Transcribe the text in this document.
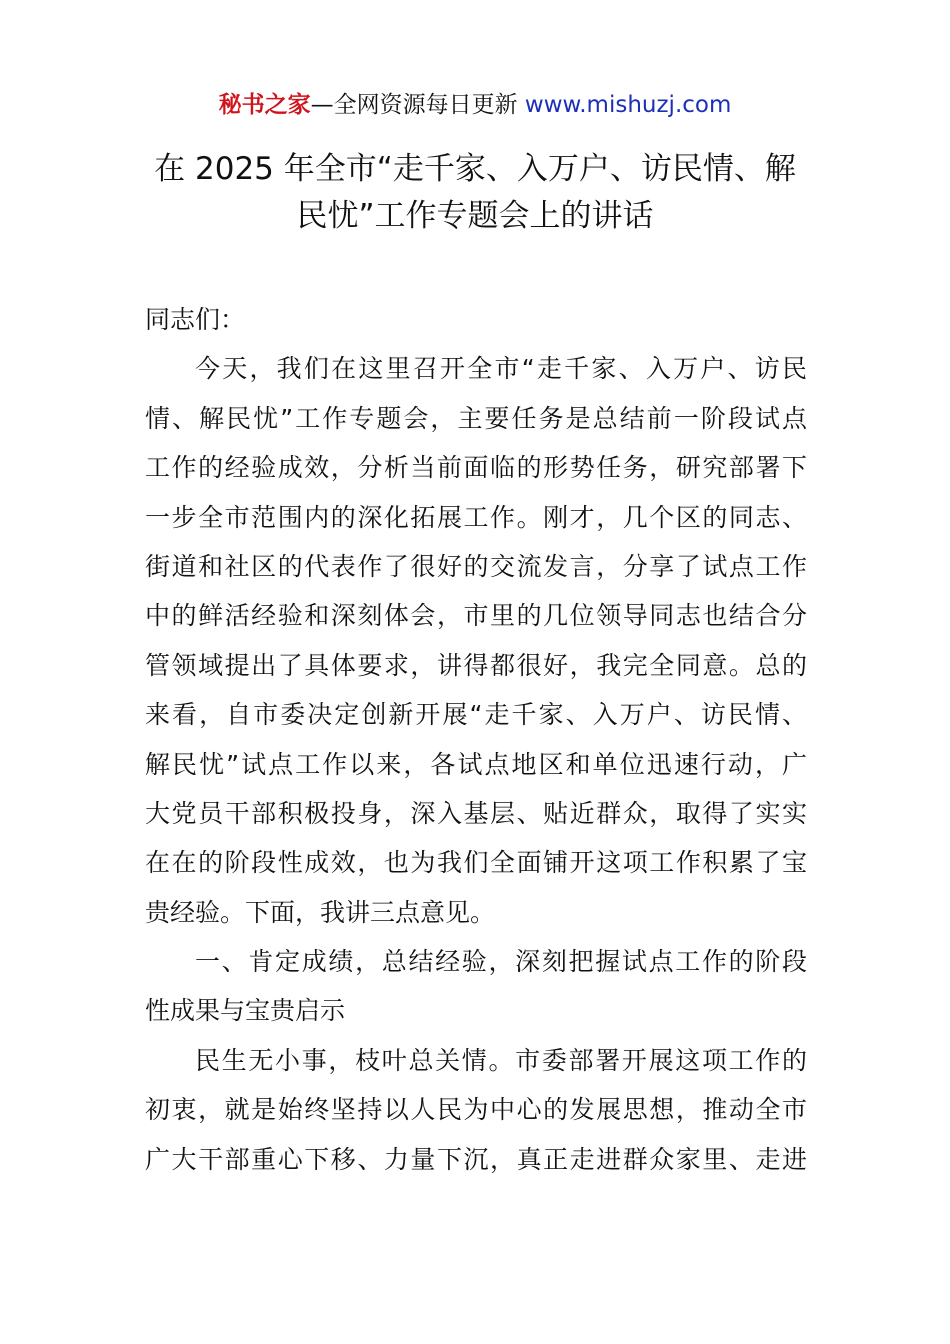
秘书之家—全网资源每日更新 www.mishuzj.com
在 2025 年全市“走千家、入万户、访民情、解
民忧”工作专题会上的讲话
同志们：
今天，我们在这里召开全市“走千家、入万户、访民
情、解民忧”工作专题会，主要任务是总结前一阶段试点
工作的经验成效，分析当前面临的形势任务，研究部署下
一步全市范围内的深化拓展工作。刚才，几个区的同志、
街道和社区的代表作了很好的交流发言，分享了试点工作
中的鲜活经验和深刻体会，市里的几位领导同志也结合分
管领域提出了具体要求，讲得都很好，我完全同意。总的
来看，自市委决定创新开展“走千家、入万户、访民情、
解民忧”试点工作以来，各试点地区和单位迅速行动，广
大党员干部积极投身，深入基层、贴近群众，取得了实实
在在的阶段性成效，也为我们全面铺开这项工作积累了宝
贵经验。下面，我讲三点意见。
一、肯定成绩，总结经验，深刻把握试点工作的阶段
性成果与宝贵启示
民生无小事，枝叶总关情。市委部署开展这项工作的
初衷，就是始终坚持以人民为中心的发展思想，推动全市
广大干部重心下移、力量下沉，真正走进群众家里、走进
